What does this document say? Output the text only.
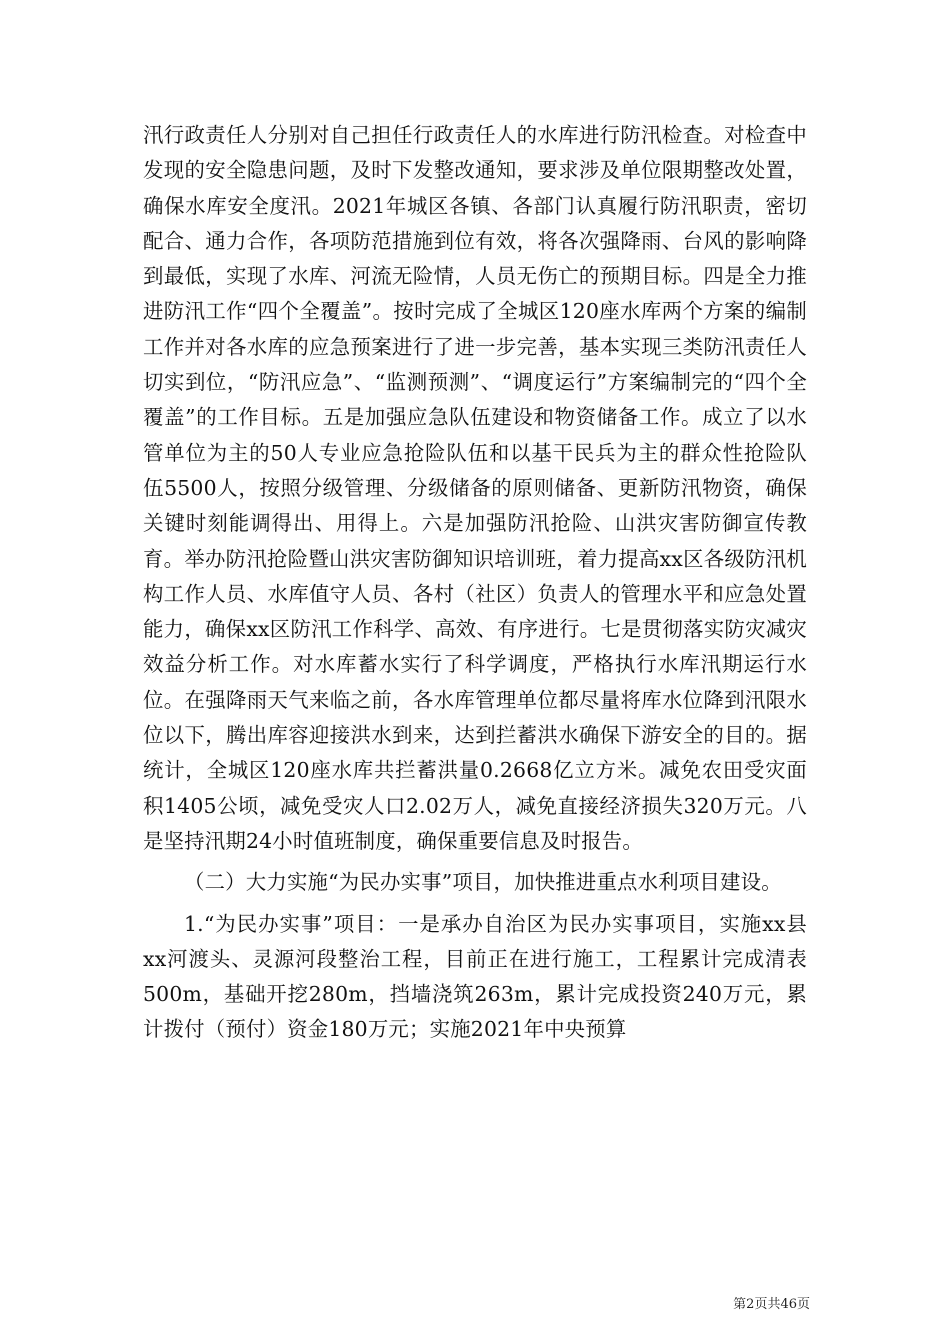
汛行政责任人分别对自己担任行政责任人的水库进行防汛检查。对检查中发现的安全隐患问题，及时下发整改通知，要求涉及单位限期整改处置，确保水库安全度汛。2021年城区各镇、各部门认真履行防汛职责，密切配合、通力合作，各项防范措施到位有效，将各次强降雨、台风的影响降到最低，实现了水库、河流无险情，人员无伤亡的预期目标。四是全力推进防汛工作“四个全覆盖”。按时完成了全城区120座水库两个方案的编制工作并对各水库的应急预案进行了进一步完善，基本实现三类防汛责任人切实到位，“防汛应急”、“监测预测”、“调度运行”方案编制完的“四个全覆盖”的工作目标。五是加强应急队伍建设和物资储备工作。成立了以水管单位为主的50人专业应急抢险队伍和以基干民兵为主的群众性抢险队伍5500人，按照分级管理、分级储备的原则储备、更新防汛物资，确保关键时刻能调得出、用得上。六是加强防汛抢险、山洪灾害防御宣传教育。举办防汛抢险暨山洪灾害防御知识培训班，着力提高xx区各级防汛机构工作人员、水库值守人员、各村（社区）负责人的管理水平和应急处置能力，确保xx区防汛工作科学、高效、有序进行。七是贯彻落实防灾减灾效益分析工作。对水库蓄水实行了科学调度，严格执行水库汛期运行水位。在强降雨天气来临之前，各水库管理单位都尽量将库水位降到汛限水位以下，腾出库容迎接洪水到来，达到拦蓄洪水确保下游安全的目的。据统计，全城区120座水库共拦蓄洪量0.2668亿立方米。减免农田受灾面积1405公顷，减免受灾人口2.02万人，减免直接经济损失320万元。八是坚持汛期24小时值班制度，确保重要信息及时报告。

（二）大力实施“为民办实事”项目，加快推进重点水利项目建设。

1.“为民办实事”项目：一是承办自治区为民办实事项目，实施xx县xx河渡头、灵源河段整治工程，目前正在进行施工，工程累计完成清表500m，基础开挖280m，挡墙浇筑263m，累计完成投资240万元，累计拨付（预付）资金180万元；实施2021年中央预算

第2页共46页
